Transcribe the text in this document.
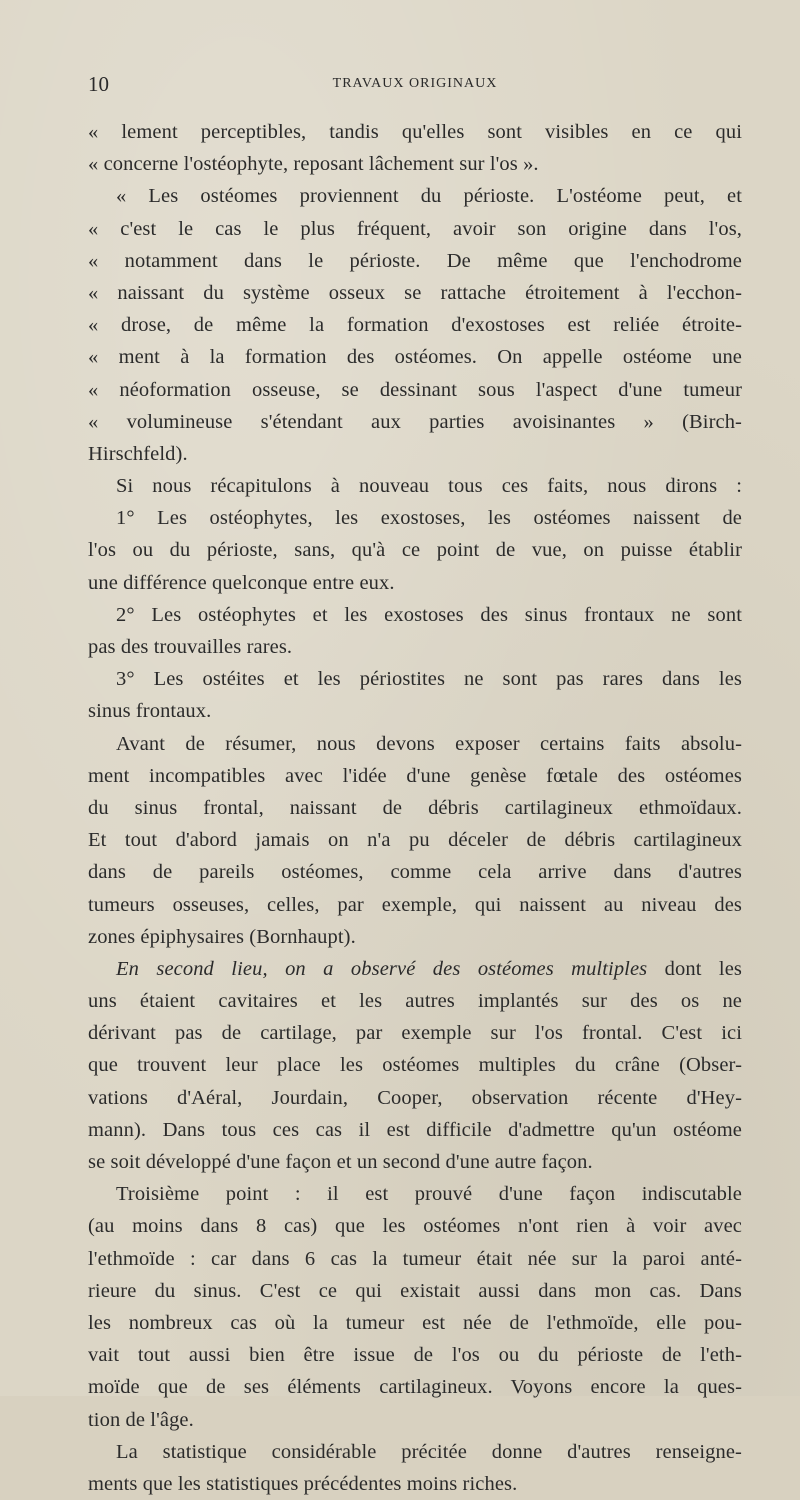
10	TRAVAUX ORIGINAUX
« lement perceptibles, tandis qu'elles sont visibles en ce qui
« concerne l'ostéophyte, reposant lâchement sur l'os ».
« Les ostéomes proviennent du périoste. L'ostéome peut, et
« c'est le cas le plus fréquent, avoir son origine dans l'os,
« notamment dans le périoste. De même que l'enchodrome
« naissant du système osseux se rattache étroitement à l'ecchon-
« drose, de même la formation d'exostoses est reliée étroite-
« ment à la formation des ostéomes. On appelle ostéome une
« néoformation osseuse, se dessinant sous l'aspect d'une tumeur
« volumineuse s'étendant aux parties avoisinantes » (Birch-
Hirschfeld).
Si nous récapitulons à nouveau tous ces faits, nous dirons :
1° Les ostéophytes, les exostoses, les ostéomes naissent de
l'os ou du périoste, sans, qu'à ce point de vue, on puisse établir
une différence quelconque entre eux.
2° Les ostéophytes et les exostoses des sinus frontaux ne sont
pas des trouvailles rares.
3° Les ostéites et les périostites ne sont pas rares dans les
sinus frontaux.
Avant de résumer, nous devons exposer certains faits absolu-
ment incompatibles avec l'idée d'une genèse fœtale des ostéomes
du sinus frontal, naissant de débris cartilagineux ethmoïdaux.
Et tout d'abord jamais on n'a pu déceler de débris cartilagineux
dans de pareils ostéomes, comme cela arrive dans d'autres
tumeurs osseuses, celles, par exemple, qui naissent au niveau des
zones épiphysaires (Bornhaupt).
En second lieu, on a observé des ostéomes multiples dont les
uns étaient cavitaires et les autres implantés sur des os ne
dérivant pas de cartilage, par exemple sur l'os frontal. C'est ici
que trouvent leur place les ostéomes multiples du crâne (Obser-
vations d'Aéral, Jourdain, Cooper, observation récente d'Hey-
mann). Dans tous ces cas il est difficile d'admettre qu'un ostéome
se soit développé d'une façon et un second d'une autre façon.
Troisième point : il est prouvé d'une façon indiscutable
(au moins dans 8 cas) que les ostéomes n'ont rien à voir avec
l'ethmoïde : car dans 6 cas la tumeur était née sur la paroi anté-
rieure du sinus. C'est ce qui existait aussi dans mon cas. Dans
les nombreux cas où la tumeur est née de l'ethmoïde, elle pou-
vait tout aussi bien être issue de l'os ou du périoste de l'eth-
moïde que de ses éléments cartilagineux. Voyons encore la ques-
tion de l'âge.
La statistique considérable précitée donne d'autres renseigne-
ments que les statistiques précédentes moins riches.
